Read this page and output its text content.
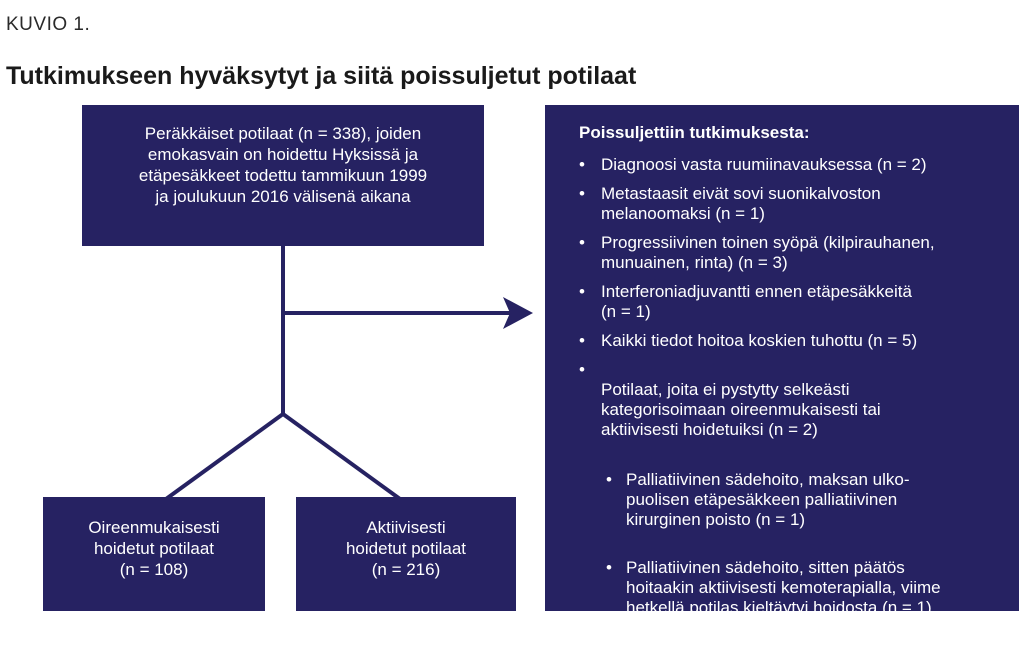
KUVIO 1.
Tutkimukseen hyväksytyt ja siitä poissuljetut potilaat
Peräkkäiset potilaat (n = 338), joiden
emokasvain on hoidettu Hyksissä ja
etäpesäkkeet todettu tammikuun 1999
ja joulukuun 2016 välisenä aikana
Oireenmukaisesti
hoidetut potilaat
(n = 108)
Aktiivisesti
hoidetut potilaat
(n = 216)
Poissuljettiin tutkimuksesta:
• Diagnoosi vasta ruumiinavauksessa (n = 2)
• Metastaasit eivät sovi suonikalvoston
melanoomaksi (n = 1)
• Progressiivinen toinen syöpä (kilpirauhanen,
munuainen, rinta) (n = 3)
• Interferoniadjuvantti ennen etäpesäkkeitä
(n = 1)
• Kaikki tiedot hoitoa koskien tuhottu (n = 5)

• Potilaat, joita ei pystytty selkeästi
kategorisoimaan oireenmukaisesti tai
aktiivisesti hoidetuiksi (n = 2)

• Palliatiivinen sädehoito, maksan ulko-
puolisen etäpesäkkeen palliatiivinen
kirurginen poisto (n = 1)

• Palliatiivinen sädehoito, sitten päätös
hoitaakin aktiivisesti kemoterapialla, viime
hetkellä potilas kieltäytyi hoidosta (n = 1)
